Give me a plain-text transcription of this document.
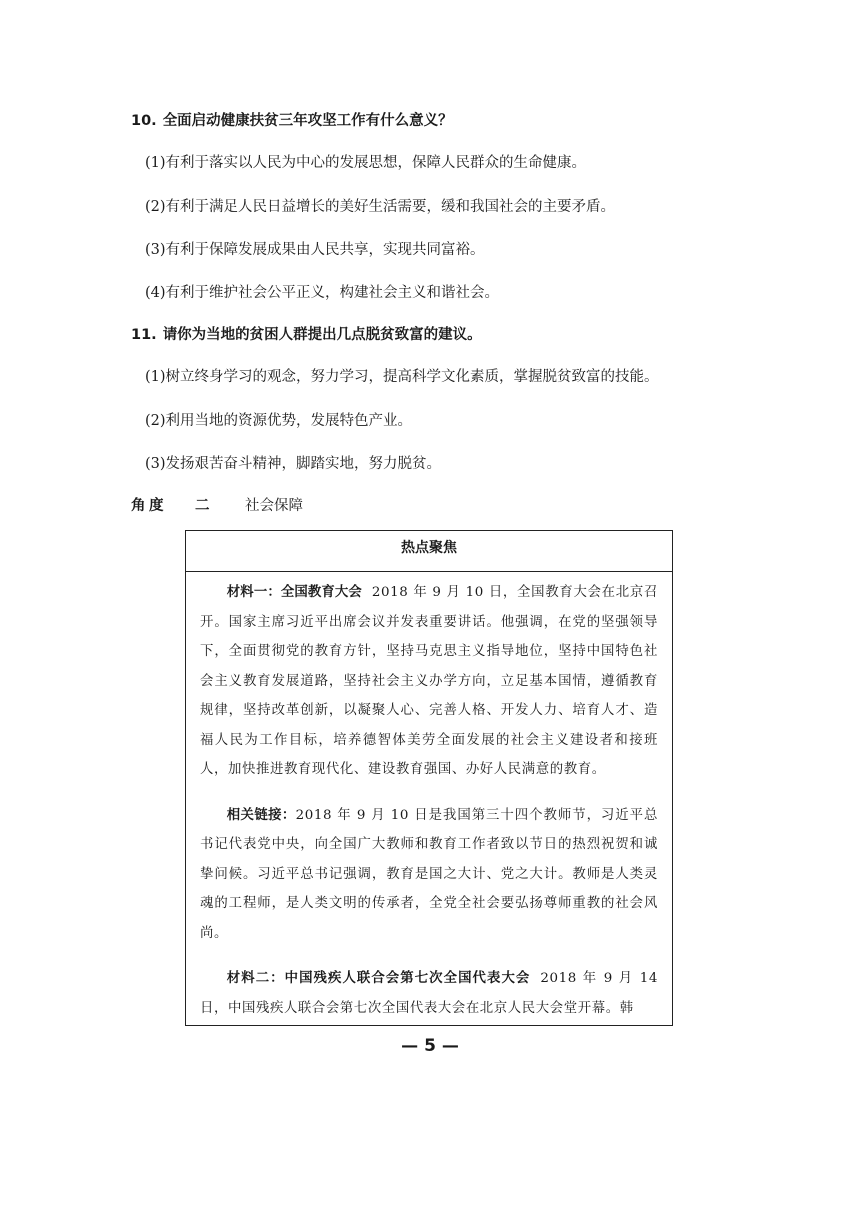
10. 全面启动健康扶贫三年攻坚工作有什么意义？
(1)有利于落实以人民为中心的发展思想，保障人民群众的生命健康。
(2)有利于满足人民日益增长的美好生活需要，缓和我国社会的主要矛盾。
(3)有利于保障发展成果由人民共享，实现共同富裕。
(4)有利于维护社会公平正义，构建社会主义和谐社会。
11. 请你为当地的贫困人群提出几点脱贫致富的建议。
(1)树立终身学习的观念，努力学习，提高科学文化素质，掌握脱贫致富的技能。
(2)利用当地的资源优势，发展特色产业。
(3)发扬艰苦奋斗精神，脚踏实地，努力脱贫。
角 度 二 社会保障
热点聚焦

材料一：全国教育大会 2018 年 9 月 10 日，全国教育大会在北京召开。国家主席习近平出席会议并发表重要讲话。他强调，在党的坚强领导下，全面贯彻党的教育方针，坚持马克思主义指导地位，坚持中国特色社会主义教育发展道路，坚持社会主义办学方向，立足基本国情，遵循教育规律，坚持改革创新，以凝聚人心、完善人格、开发人力、培育人才、造福人民为工作目标，培养德智体美劳全面发展的社会主义建设者和接班人，加快推进教育现代化、建设教育强国、办好人民满意的教育。

相关链接：2018 年 9 月 10 日是我国第三十四个教师节，习近平总书记代表党中央，向全国广大教师和教育工作者致以节日的热烈祝贺和诚挚问候。习近平总书记强调，教育是国之大计、党之大计。教师是人类灵魂的工程师，是人类文明的传承者，全党全社会要弘扬尊师重教的社会风尚。

材料二：中国残疾人联合会第七次全国代表大会 2018 年 9 月 14 日，中国残疾人联合会第七次全国代表大会在北京人民大会堂开幕。韩

— 5 —
